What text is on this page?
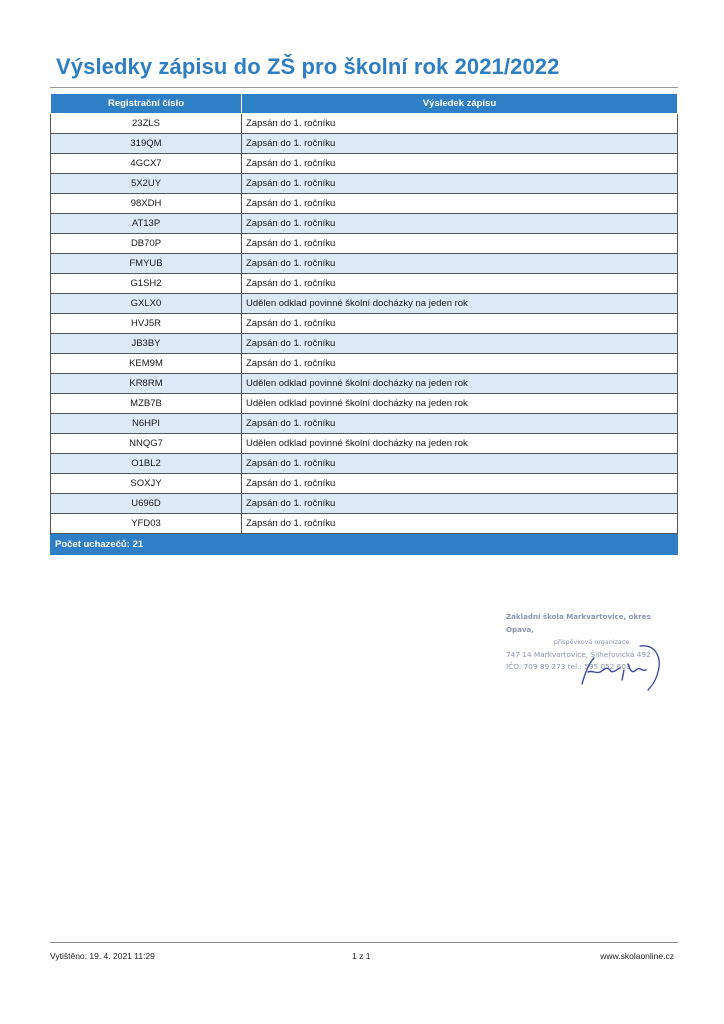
Výsledky zápisu do ZŠ pro školní rok 2021/2022
Registrační číslo	Výsledek zápisu
23ZLS	Zapsán do 1. ročníku
319QM	Zapsán do 1. ročníku
4GCX7	Zapsán do 1. ročníku
5X2UY	Zapsán do 1. ročníku
98XDH	Zapsán do 1. ročníku
AT13P	Zapsán do 1. ročníku
DB70P	Zapsán do 1. ročníku
FMYUB	Zapsán do 1. ročníku
G1SH2	Zapsán do 1. ročníku
GXLX0	Udělen odklad povinné školní docházky na jeden rok
HVJ5R	Zapsán do 1. ročníku
JB3BY	Zapsán do 1. ročníku
KEM9M	Zapsán do 1. ročníku
KR8RM	Udělen odklad povinné školní docházky na jeden rok
MZB7B	Udělen odklad povinné školní docházky na jeden rok
N6HPI	Zapsán do 1. ročníku
NNQG7	Udělen odklad povinné školní docházky na jeden rok
O1BL2	Zapsán do 1. ročníku
SOXJY	Zapsán do 1. ročníku
U696D	Zapsán do 1. ročníku
YFD03	Zapsán do 1. ročníku
Počet uchazečů: 21	
Základní škola Markvartovice, okres Opava,
příspěvková organizace
747 14 Markvartovice, Šilheřovická 492
IČO: 709 89 273 tel.: 595 052 603
Vytištěno: 19. 4. 2021 11:29	1 z 1	www.skolaonline.cz
